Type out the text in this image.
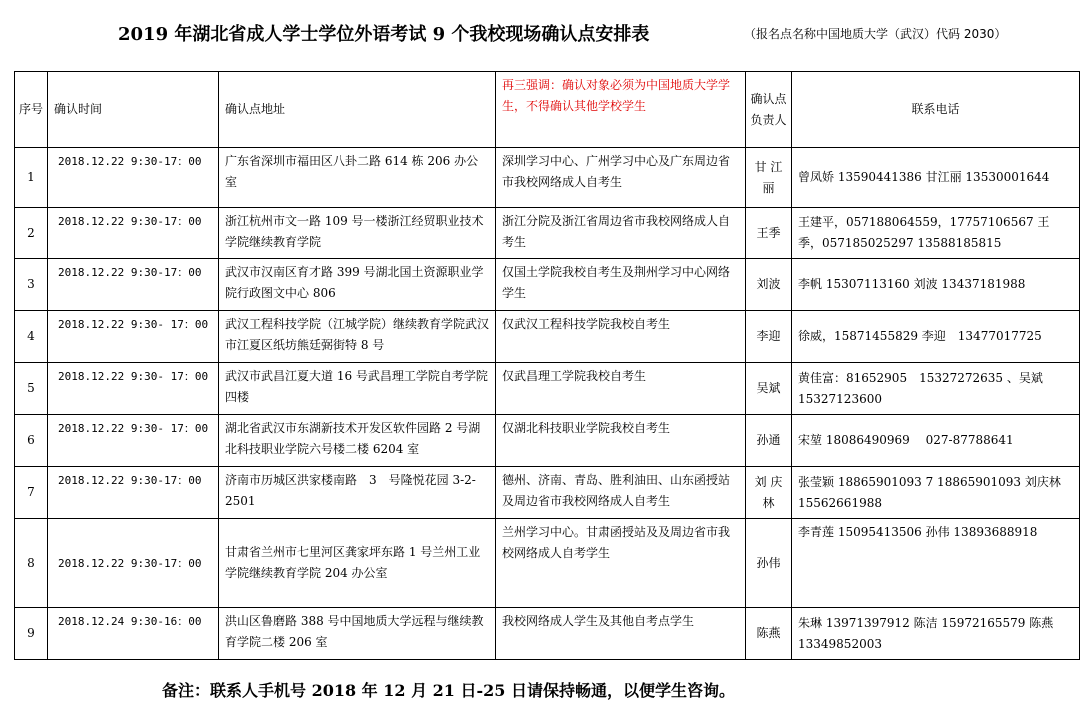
2019 年湖北省成人学士学位外语考试 9 个我校现场确认点安排表	（报名点名称中国地质大学（武汉）代码 2030）
序号	确认时间	确认点地址	再三强调：确认对象必须为中国地质大学学生，不得确认其他学校学生	确认点负责人	联系电话
1	2018.12.22 9:30-17：00	广东省深圳市福田区八卦二路 614 栋 206 办公室	深圳学习中心、广州学习中心及广东周边省市我校网络成人自考生	甘 江丽	曾凤娇 13590441386 甘江丽 13530001644
2	2018.12.22 9:30-17：00	浙江杭州市文一路 109 号一楼浙江经贸职业技术学院继续教育学院	浙江分院及浙江省周边省市我校网络成人自考生	王季	王建平，057188064559，17757106567 王季，057185025297 13588185815
3	2018.12.22 9:30-17：00	武汉市汉南区育才路 399 号湖北国土资源职业学院行政图文中心 806	仅国土学院我校自考生及荆州学习中心网络学生	刘波	李帆 15307113160 刘波 13437181988
4	2018.12.22 9:30- 17：00	武汉工程科技学院（江城学院）继续教育学院武汉市江夏区纸坊熊廷弼街特 8 号	仅武汉工程科技学院我校自考生	李迎	徐威，15871455829 李迎　13477017725
5	2018.12.22 9:30- 17：00	武汉市武昌江夏大道 16 号武昌理工学院自考学院四楼	仅武昌理工学院我校自考生	吴斌	黄佳富：81652905　15327272635 、吴斌 15327123600
6	2018.12.22 9:30- 17：00	湖北省武汉市东湖新技术开发区软件园路 2 号湖北科技职业学院六号楼二楼 6204 室	仅湖北科技职业学院我校自考生	孙通	宋堃 18086490969　 027-87788641
7	2018.12.22 9:30-17：00	济南市历城区洪家楼南路　3　号隆悦花园 3-2-2501	德州、济南、青岛、胜利油田、山东函授站及周边省市我校网络成人自考生	刘 庆林	张莹颖 18865901093 7 18865901093 刘庆林 15562661988
8	2018.12.22 9:30-17：00	甘肃省兰州市七里河区龚家坪东路 1 号兰州工业学院继续教育学院 204 办公室	兰州学习中心。甘肃函授站及及周边省市我校网络成人自考学生	孙伟	李青莲 15095413506 孙伟 13893688918
9	2018.12.24 9:30-16：00	洪山区鲁磨路 388 号中国地质大学远程与继续教育学院二楼 206 室	我校网络成人学生及其他自考点学生	陈燕	朱琳 13971397912 陈洁 15972165579 陈燕 13349852003
备注：联系人手机号 2018 年 12 月 21 日-25 日请保持畅通，以便学生咨询。
